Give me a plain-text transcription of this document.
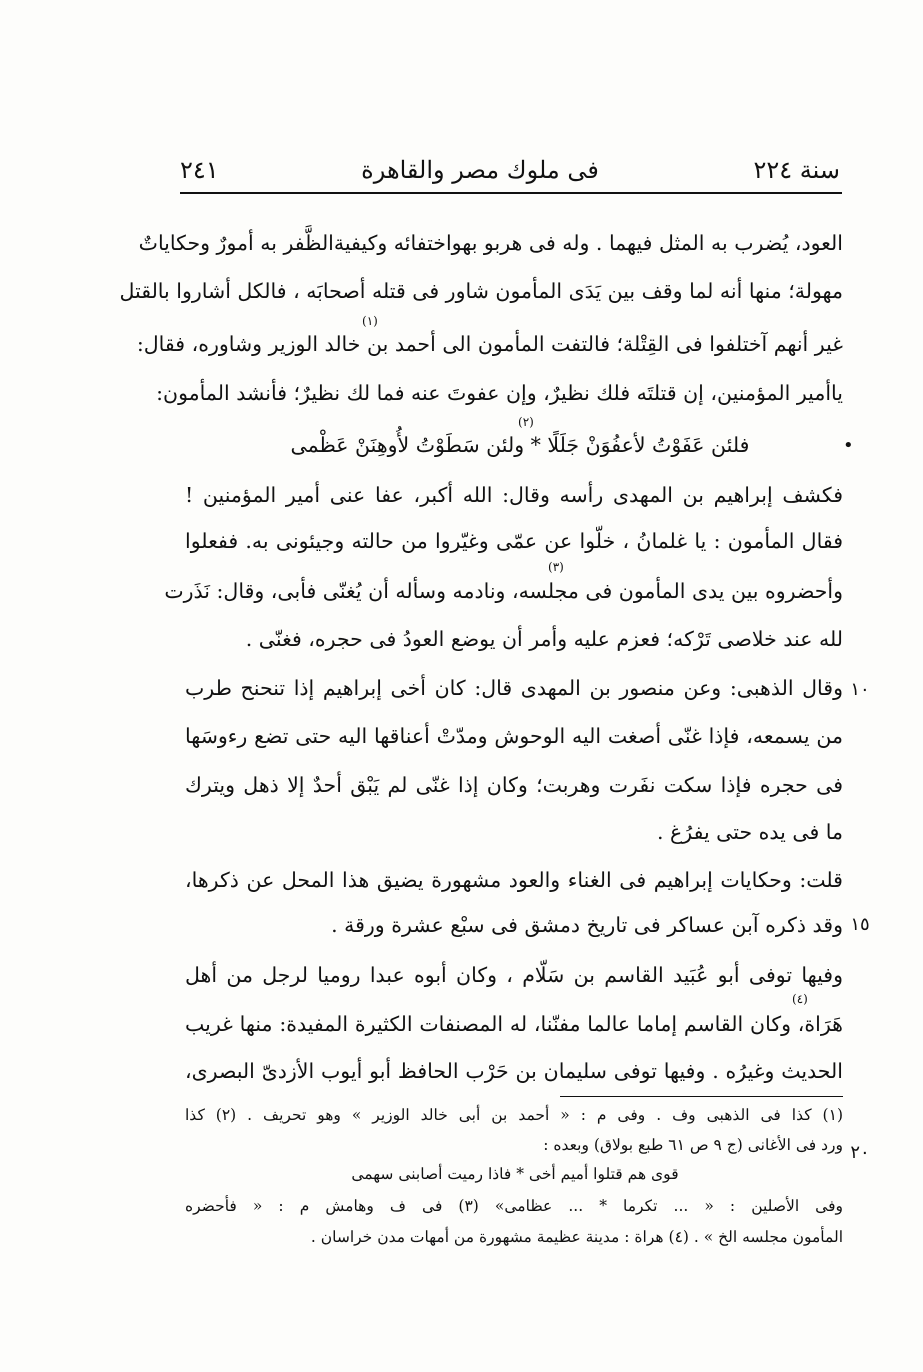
سنة ٢٢٤
فى ملوك مصر والقاهرة
٢٤١
العود، يُضرب به المثل فيهما . وله فى هربو بهواختفائه وكيفيةالظَّفر به أمورٌ وحكاياتٌ
مهولة؛ منها أنه لما وقف بين يَدَى المأمون شاور فى قتله أصحابَه ، فالكل أشاروا بالقتل
غير أنهم آختلفوا فى القِتْلة؛ فالتفت المأمون الى أحمد بن خالد الوزير وشاوره، فقال:
ياأمير المؤمنين، إن قتلتَه فلك نظيرٌ، وإن عفوتَ عنه فما لك نظيرٌ؛ فأنشد المأمون:
فلئن عَفَوْتُ لأعفُوَنْ جَلَلًا * ولئن سَطَوْتُ لأُوهِنَنْ عَظْمى
فكشف إبراهيم بن المهدى رأسه وقال: الله أكبر، عفا عنى أمير المؤمنين !
فقال المأمون : يا غلمانُ ، خلّوا عن عمّى وغيّروا من حالته وجيئونى به. ففعلوا
وأحضروه بين يدى المأمون فى مجلسه، ونادمه وسأله أن يُغنّى فأبى، وقال: نَذَرت
لله عند خلاصى تَرْكه؛ فعزم عليه وأمر أن يوضع العودُ فى حجره، فغنّى .
وقال الذهبى: وعن منصور بن المهدى قال: كان أخى إبراهيم إذا تنحنح طرب
من يسمعه، فإذا غنّى أصغت اليه الوحوش ومدّتْ أعناقها اليه حتى تضع رءوسَها
فى حجره فإذا سكت نفَرت وهربت؛ وكان إذا غنّى لم يَبْق أحدٌ إلا ذهل ويترك
ما فى يده حتى يفرُغ .
قلت: وحكايات إبراهيم فى الغناء والعود مشهورة يضيق هذا المحل عن ذكرها،
وقد ذكره آبن عساكر فى تاريخ دمشق فى سبْع عشرة ورقة .
وفيها توفى أبو عُبَيد القاسم بن سَلّام ، وكان أبوه عبدا روميا لرجل من أهل
هَرَاة، وكان القاسم إماما عالما مفنّنا، له المصنفات الكثيرة المفيدة: منها غريب
الحديث وغيرُه . وفيها توفى سليمان بن حَرْب الحافظ أبو أيوب الأزدىّ البصرى،
(١)
(٢)
(٣)
(٤)
•
١٠
١٥
٢٠
(١) كذا فى الذهبى وف . وفى م : « أحمد بن أبى خالد الوزير » وهو تحريف . (٢) كذا
ورد فى الأغانى (ج ٩ ص ٦١ طبع بولاق) وبعده :
قوى هم قتلوا أميم أخى * فاذا رميت أصابنى سهمى
وفى الأصلين : « ... تكرما * ... عظامى» (٣) فى ف وهامش م : « فأحضره
المأمون مجلسه الخ » . (٤) هراة : مدينة عظيمة مشهورة من أمهات مدن خراسان .
